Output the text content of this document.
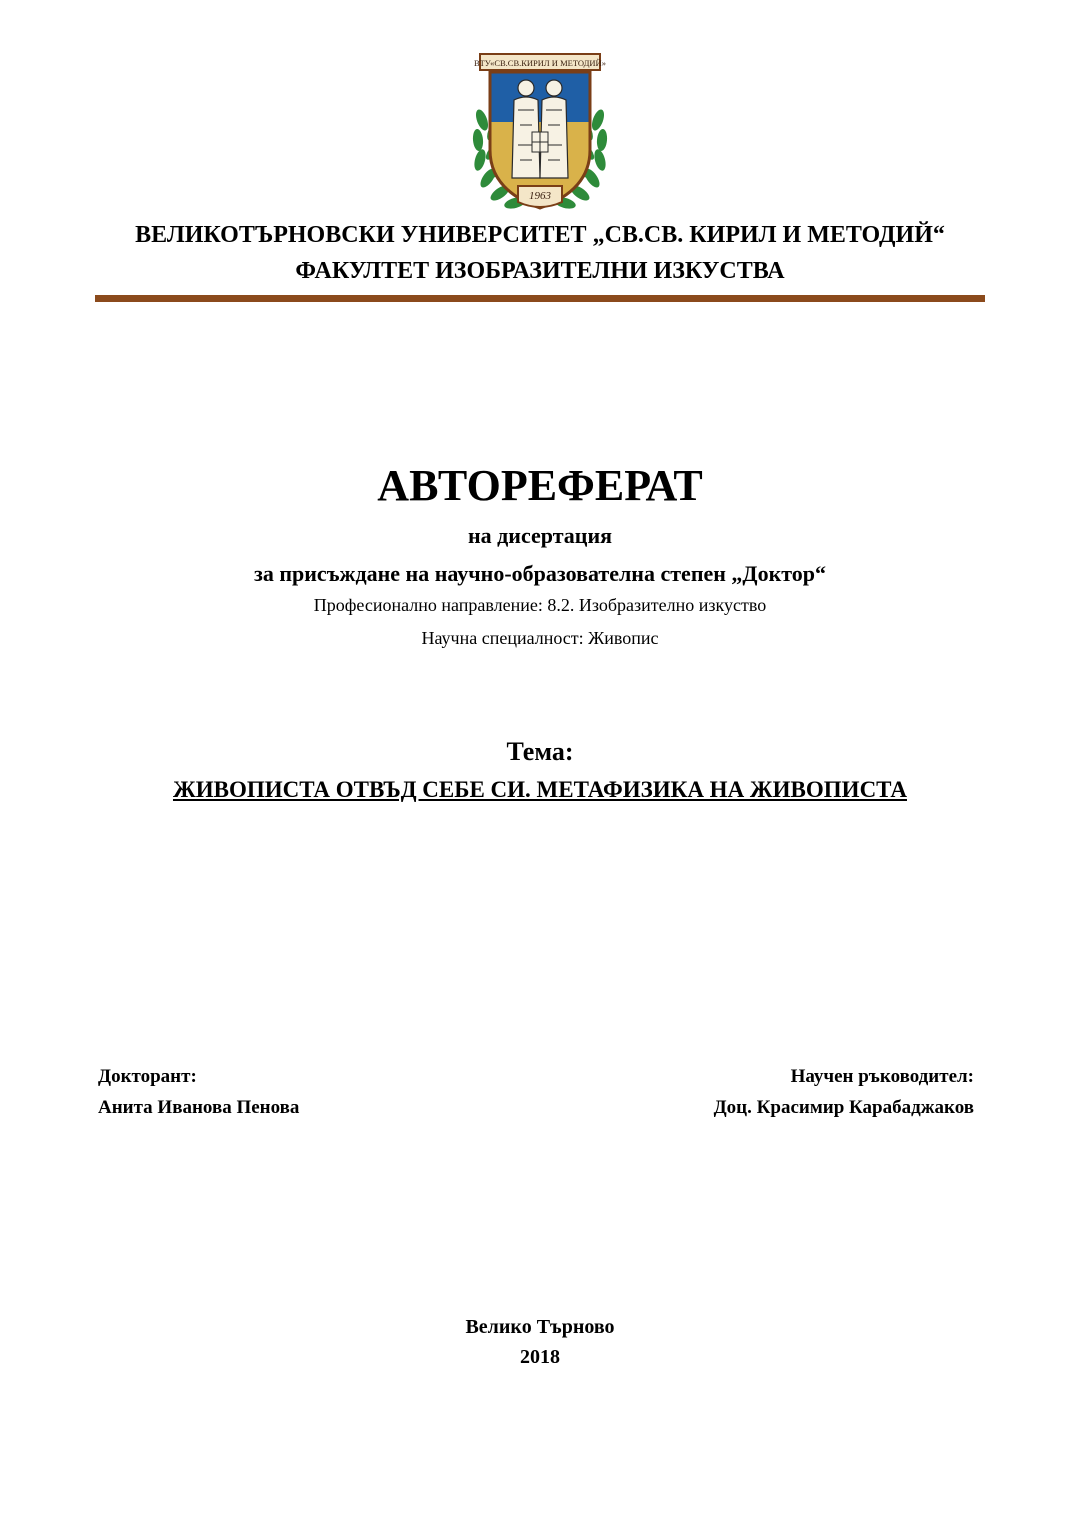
ВТУ«СВ.СВ.КИРИЛ И МЕТОДИЙ»
1963
ВЕЛИКОТЪРНОВСКИ УНИВЕРСИТЕТ „СВ.СВ. КИРИЛ И МЕТОДИЙ“
ФАКУЛТЕТ ИЗОБРАЗИТЕЛНИ ИЗКУСТВА
АВТОРЕФЕРАТ
на дисертация
за присъждане на научно-образователна степен „Доктор“
Професионално направление: 8.2. Изобразително изкуство
Научна специалност: Живопис
Тема:
ЖИВОПИСТА ОТВЪД СЕБЕ СИ. МЕТАФИЗИКА НА ЖИВОПИСТА
Докторант:
Анита Иванова Пенова
Научен ръководител:
Доц. Красимир Карабаджаков
Велико Търново
2018
